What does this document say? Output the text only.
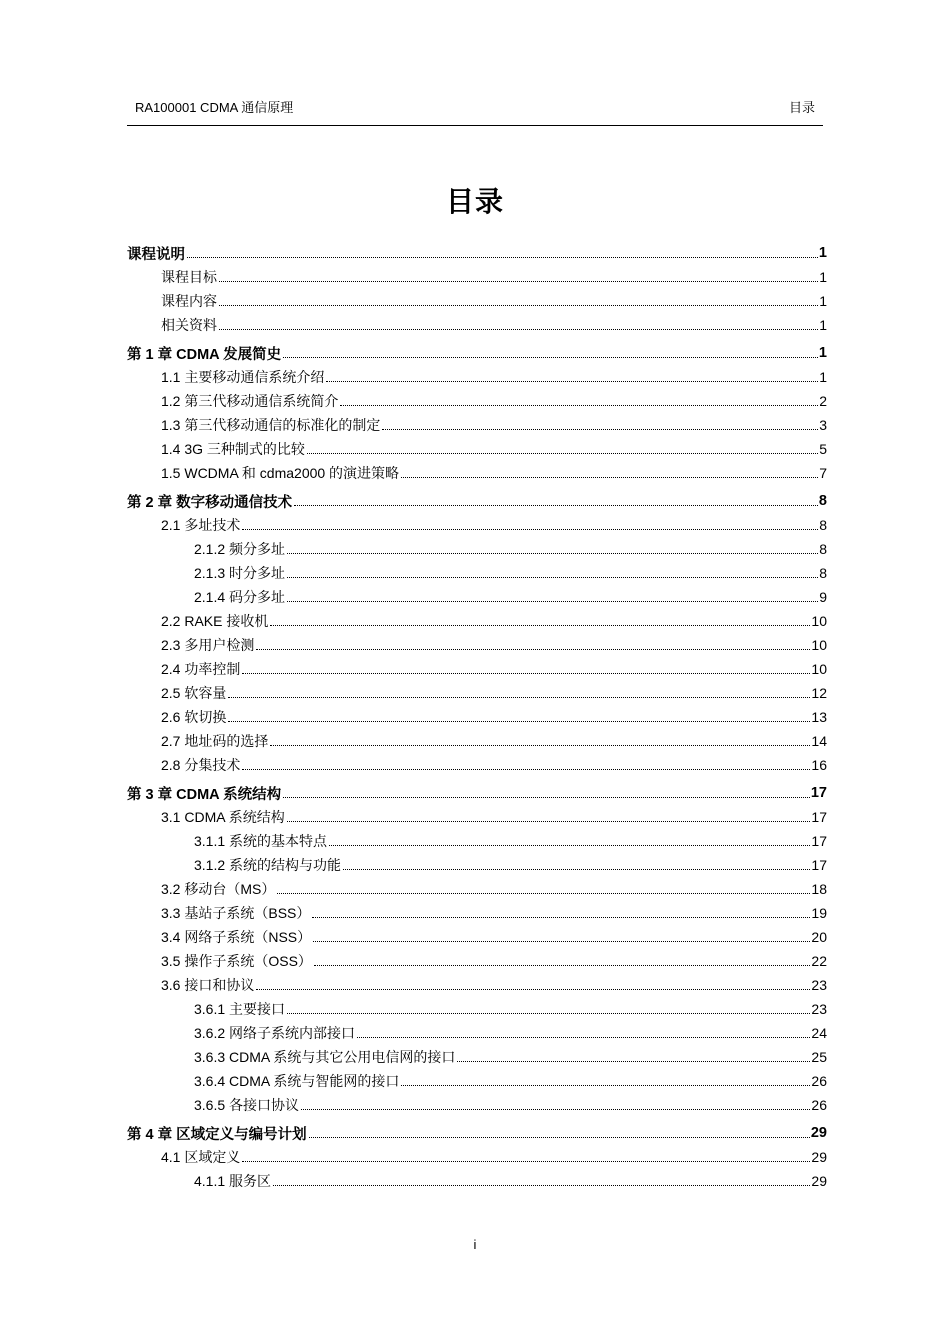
RA100001 CDMA 通信原理	目录
目录
课程说明	1
课程目标	1
课程内容	1
相关资料	1
第 1 章 CDMA 发展简史	1
1.1 主要移动通信系统介绍	1
1.2 第三代移动通信系统简介	2
1.3 第三代移动通信的标准化的制定	3
1.4 3G 三种制式的比较	5
1.5 WCDMA 和 cdma2000 的演进策略	7
第 2 章 数字移动通信技术	8
2.1 多址技术	8
2.1.2 频分多址	8
2.1.3 时分多址	8
2.1.4 码分多址	9
2.2 RAKE 接收机	10
2.3 多用户检测	10
2.4 功率控制	10
2.5 软容量	12
2.6 软切换	13
2.7 地址码的选择	14
2.8 分集技术	16
第 3 章 CDMA 系统结构	17
3.1 CDMA 系统结构	17
3.1.1 系统的基本特点	17
3.1.2 系统的结构与功能	17
3.2 移动台（MS）	18
3.3 基站子系统（BSS）	19
3.4 网络子系统（NSS）	20
3.5 操作子系统（OSS）	22
3.6 接口和协议	23
3.6.1 主要接口	23
3.6.2 网络子系统内部接口	24
3.6.3 CDMA 系统与其它公用电信网的接口	25
3.6.4 CDMA 系统与智能网的接口	26
3.6.5 各接口协议	26
第 4 章 区域定义与编号计划	29
4.1 区域定义	29
4.1.1 服务区	29
i
